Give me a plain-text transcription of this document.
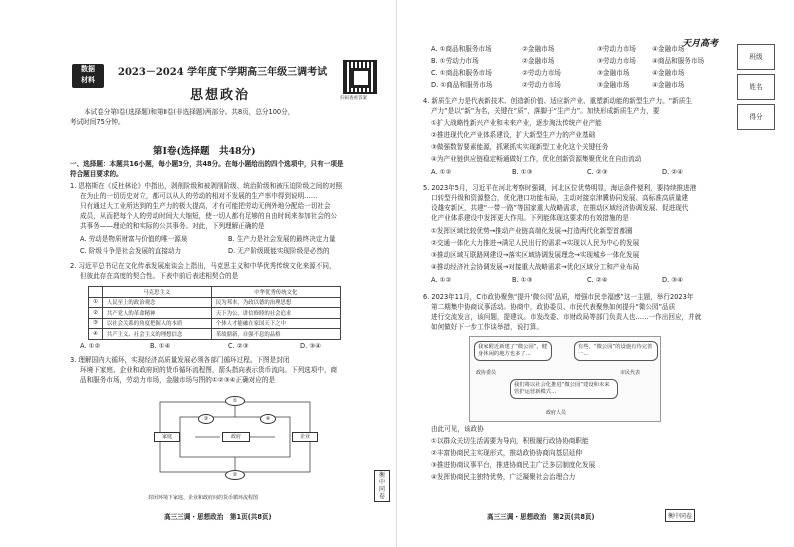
数据
材料
2023－2024 学年度下学期高三年级三调考试
思想政治	扫码查看答案
本试卷分第Ⅰ卷(选择题)和第Ⅱ卷(非选择题)两部分。共8页，总分100分，
考试时间75分钟。
第Ⅰ卷(选择题　共48分)
一、选择题：本题共16小题，每小题3分，共48分。在每小题给出的四个选项中，只有一项是
符合题目要求的。
1. 恩格斯在《反杜林论》中指出，剥削阶级和被剥削阶级、统治阶级和被压迫阶级之间的对照
在为止的一切历史对立，都可以从人的劳动的相对不发展的生产率中得到说明……
只有通过大工业所达到的生产力的极大提高，才有可能把劳动无例外地分配给一切社会
成员，从而把每个人的劳动时间大大缩短，使一切人都有足够的自由时间来参加社会的公
共事务——理论的和实际的公共事务。对此，下列理解正确的是
A. 劳动是物质财富与价值的唯一源泉	B. 生产力是社会发展的最终决定力量
C. 阶级斗争是社会发展的直接动力	D. 无产阶级既能实现阶级是必然的
2. 习近平总书记在文化传承发展座谈会上指出，马克思主义和中华优秀传统文化来源不同，
但彼此存在高度的契合性。下表中前后表述相契合的是
	马克思主义	中华优秀传统文化
①	人民至上的政治观念	民为邦本，为政以德的治理思想
②	共产党人的革命精神	天下为公，讲信修睦的社会追求
③	以社会关系的角度把握人的本质	个体人才能融在家国天下之中
④	共产主义、社会主义的理想信念	革故鼎新，自强不息的品格
A. ①②	B. ①④	C. ②③	D. ③④
3. 理解国内大循环，实现经济高质量发展必须各部门循环过程。下图是封闭
环境下家庭、企业和政府间的货币循环流程图，箭头指向表示货币流向。下列选项中，商
品和服务市场，劳动力市场，金融市场与图的①②③④正确对应的是
家庭	政府	企业
①
②
③	④
封闭环境下家庭、企业和政府间的货币循环流程图
高三三调・思想政治　第1页(共8页)
衡中同卷
天月高考
A. ①商品和服务市场	②金融市场	③劳动力市场 ④金融市场
B. ①劳动力市场	②金融市场	③劳动力市场 ④商品和服务市场
C. ①商品和服务市场	②劳动力市场	③金融市场	④金融市场
D. ①商品和服务市场	②劳动力市场	③金融市场	④金融市场
4. 新质生产力是代表新技术、创造新价值、适应新产业、重塑新动能的新型生产力。“新质生
产力”是以“新”为名，关键在“质”，落脚于“生产力”。加快形成新质生产力，要
①扩大战略性新兴产业和未来产业，逐步淘汰传统产业产能
②推进现代化产业体系建设，扩大新型生产力的产业基础
③做强数智要素能源，抓紧抓实实现新型工业化这个关键任务
④为产业链供应链稳定畅通做好工作，优化创新资源集聚优化在自由流动
A. ①②	B. ①③	C. ②③	D. ②④
5. 2023年5月，习近平在河北考察时强调，河北区位优势明显，海运条件便利，要持续推进港
口转型升级和资源整合，优化港口功能布局，主动对接京津冀协同发展、高标准高质量建
设雄安新区，共建“一带一路”等国家重大战略需求，在推动区域经济协调发展、促进现代
化产业体系建设中发挥更大作用。下列能体现这要求的有效措施的是
①发挥区域比较优势→推动产业链高端化发展→打造两代化新型首都圈
②交通一体化大力推进→满足人民出行的需求→实现以人民为中心的发展
③推动区域互联路网建设→落实区域协调发展理念→实现城乡一体化发展
④推动经济社会协调发展→对接重大战略需求→优化区域分工和产业布局
A. ①②	B. ①③	C. ②④	D. ③④
6. 2023年11月，C市政协聚焦“提升‘微公园’品质，增强市民幸福感”这一主题，举行2023年
第二期集中协商议事活动。协商中，政协委员、市民代表聚焦如何提升“微公园”品质
进行交流发言，该问题，提建议。市发改委、市财政局等部门负责人也……一作出回应，并就
如何做好下一步工作谈举措，说打算。
我家附近新建了“微公园”，健身休闲的地方也多了…
有些，“微公园”的设施有待完善一…
我们将以社会化推进“微公园”建设和未来管护运营新模式…
政协委员	市民代表
政府人员
由此可见，该政协
①以群众关切生活需要为导向，积极履行政协协商职能
②丰富协商民主实现形式，推动政协协商向基层延伸
③推进协商议事平台，推进协商民主广泛多层制度化发展
④发挥协商民主独特优势，广泛凝聚社会治理合力
高三三调・思想政治　第2页(共8页)	衡中同卷
班级
姓名
得分
